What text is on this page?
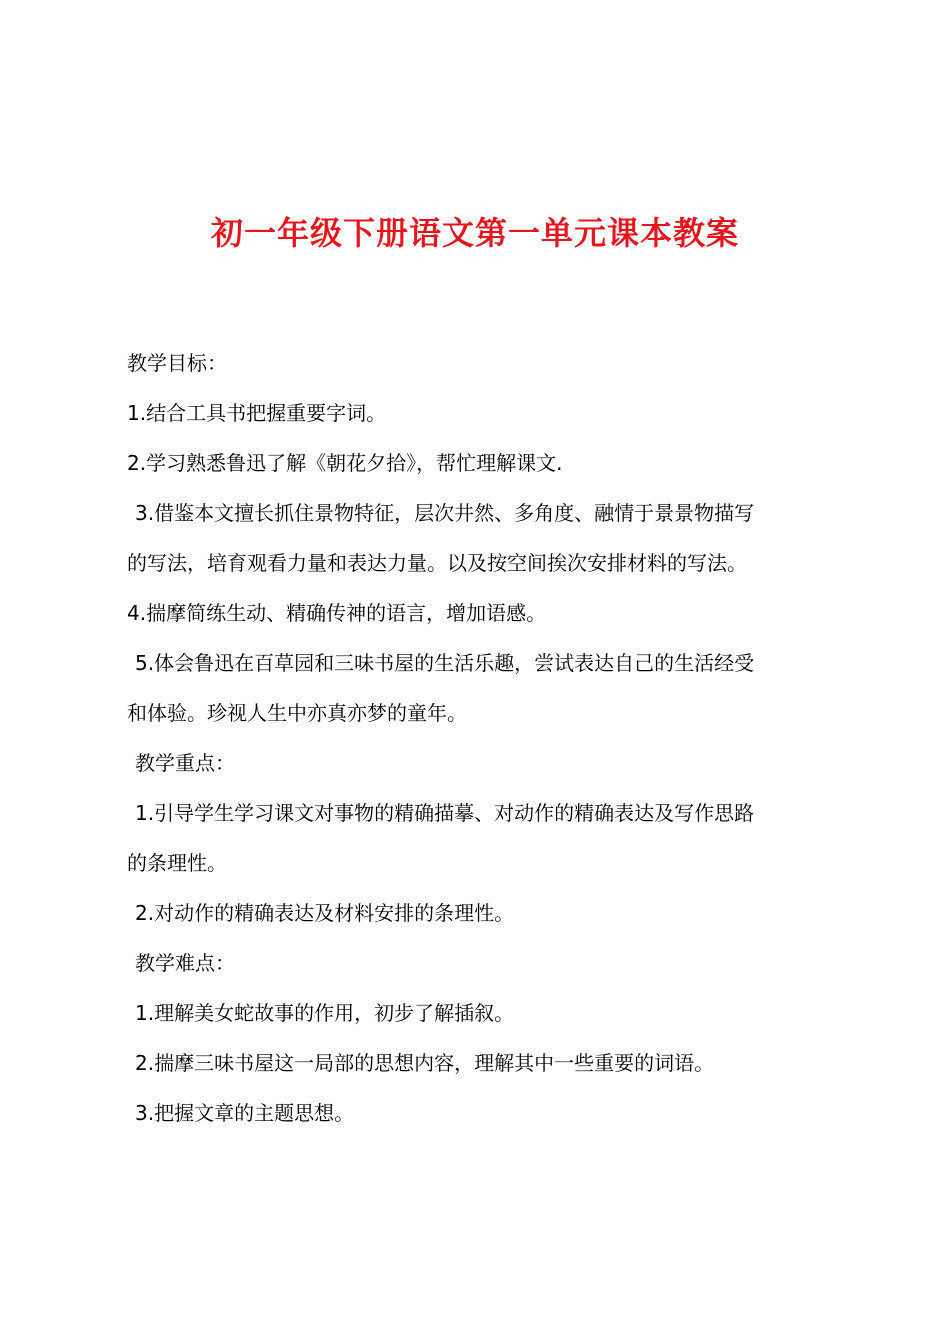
初一年级下册语文第一单元课本教案

教学目标：

1.结合工具书把握重要字词。

2.学习熟悉鲁迅了解《朝花夕拾》，帮忙理解课文.

3.借鉴本文擅长抓住景物特征，层次井然、多角度、融情于景景物描写

的写法，培育观看力量和表达力量。以及按空间挨次安排材料的写法。

4.揣摩简练生动、精确传神的语言，增加语感。

5.体会鲁迅在百草园和三味书屋的生活乐趣，尝试表达自己的生活经受

和体验。珍视人生中亦真亦梦的童年。

教学重点：

1.引导学生学习课文对事物的精确描摹、对动作的精确表达及写作思路

的条理性。

2.对动作的精确表达及材料安排的条理性。

教学难点：

1.理解美女蛇故事的作用，初步了解插叙。

2.揣摩三味书屋这一局部的思想内容，理解其中一些重要的词语。

3.把握文章的主题思想。
